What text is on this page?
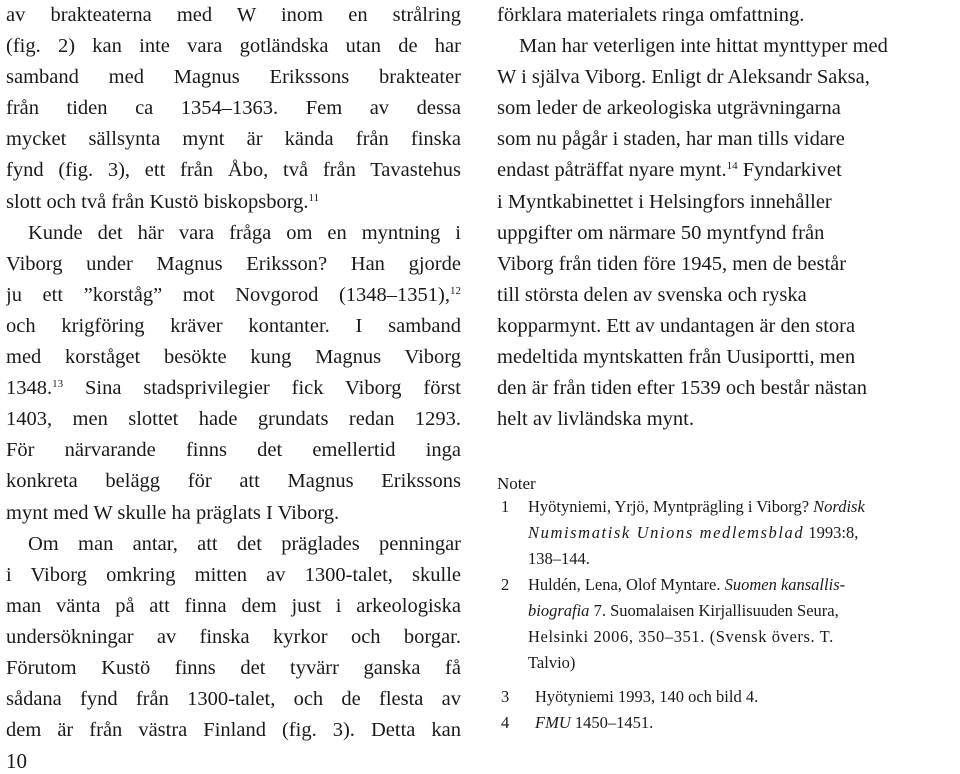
av brakteaterna med W inom en strålring
(fig. 2) kan inte vara gotländska utan de har
samband med Magnus Erikssons brakteater
från tiden ca 1354–1363. Fem av dessa
mycket sällsynta mynt är kända från finska
fynd (fig. 3), ett från Åbo, två från Tavastehus
slott och två från Kustö biskopsborg.$^{11}$
Kunde det här vara fråga om en myntning i
Viborg under Magnus Eriksson? Han gjorde
ju ett ”korståg” mot Novgorod (1348–1351),$^{12}$
och krigföring kräver kontanter. I samband
med korståget besökte kung Magnus Viborg
1348.13 Sina stadsprivilegier fick Viborg först
1403, men slottet hade grundats redan 1293.
För närvarande finns det emellertid inga
konkreta belägg för att Magnus Erikssons
mynt med W skulle ha präglats I Viborg.
Om man antar, att det präglades penningar
i Viborg omkring mitten av 1300-talet, skulle
man vänta på att finna dem just i arkeologiska
undersökningar av finska kyrkor och borgar.
Förutom Kustö finns det tyvärr ganska få
sådana fynd från 1300-talet, och de flesta av
dem är från västra Finland (fig. 3). Detta kan
förklara materialets ringa omfattning.
Man har veterligen inte hittat mynttyper med
W i själva Viborg. Enligt dr Aleksandr Saksa,
som leder de arkeologiska utgrävningarna
som nu pågår i staden, har man tills vidare
endast påträffat nyare mynt.$^{14}$ Fyndarkivet
i Myntkabinettet i Helsingfors innehåller
uppgifter om närmare 50 myntfynd från
Viborg från tiden före 1945, men de består
till största delen av svenska och ryska
kopparmynt. Ett av undantagen är den stora
medeltida myntskatten från Uusiportti, men
den är från tiden efter 1539 och består nästan
helt av livländska mynt.
Noter
1 Hyötyniemi, Yrjö, Myntprägling i Viborg? Nordisk
Numismatisk Unions medlemsblad 1993:8,
138–144.
2 Huldén, Lena, Olof Myntare. Suomen kansallis-
biografia 7. Suomalaisen Kirjallisuuden Seura,
Helsinki 2006, 350–351. (Svensk övers. T.
Talvio)
3 Hyötyniemi 1993, 140 och bild 4.
4 FMU 1450–1451.
10
